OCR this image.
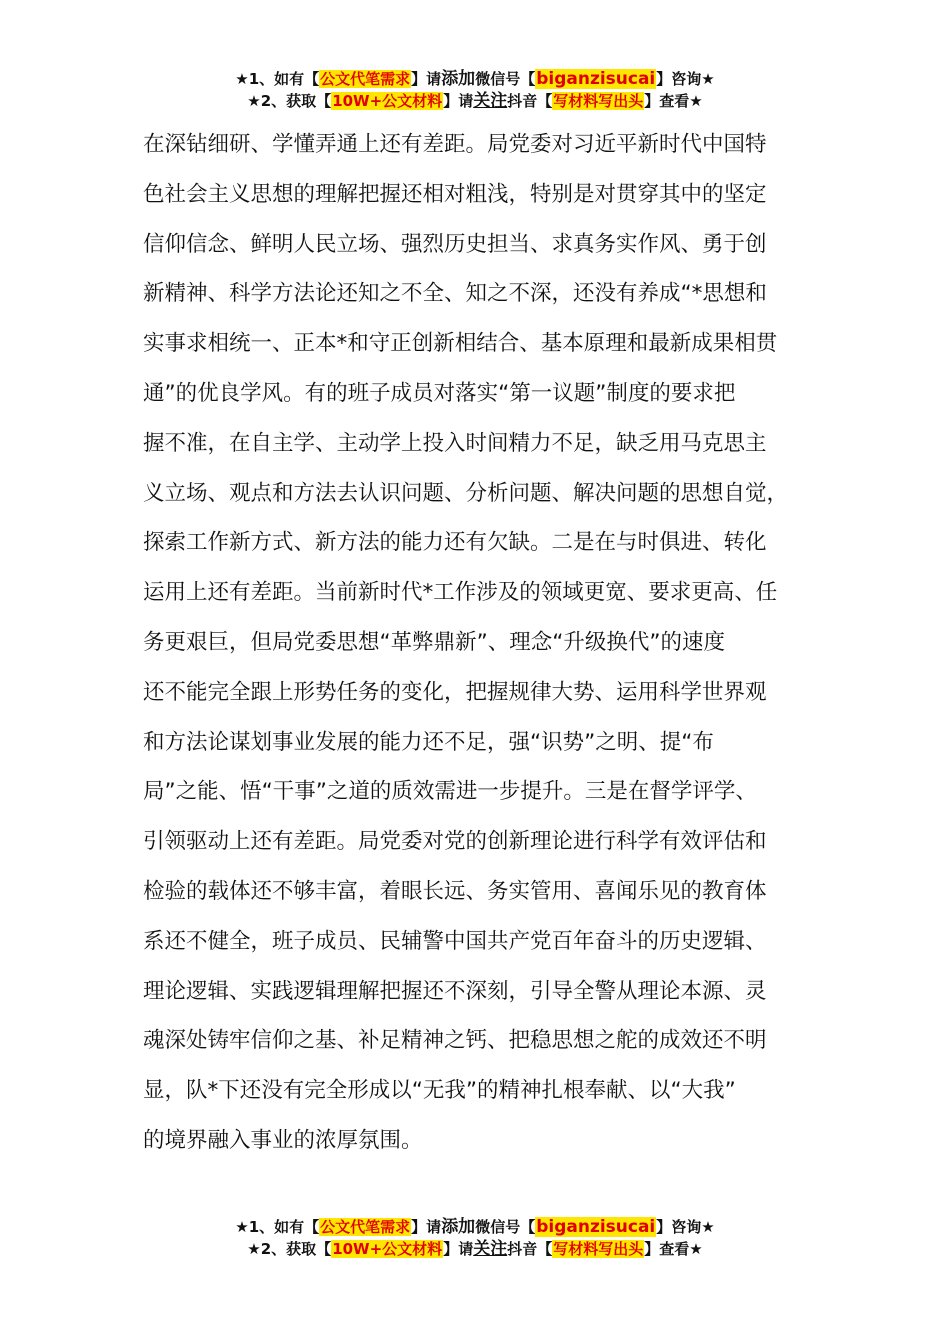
★1、如有【公文代笔需求】请添加微信号【biganzisucai】咨询★
★2、获取【10W+公文材料】请关注抖音【写材料写出头】查看★
在深钻细研、学懂弄通上还有差距。局党委对习近平新时代中国特
色社会主义思想的理解把握还相对粗浅，特别是对贯穿其中的坚定
信仰信念、鲜明人民立场、强烈历史担当、求真务实作风、勇于创
新精神、科学方法论还知之不全、知之不深，还没有养成“*思想和
实事求相统一、正本*和守正创新相结合、基本原理和最新成果相贯
通”的优良学风。有的班子成员对落实“第一议题”制度的要求把
握不准，在自主学、主动学上投入时间精力不足，缺乏用马克思主
义立场、观点和方法去认识问题、分析问题、解决问题的思想自觉，
探索工作新方式、新方法的能力还有欠缺。二是在与时俱进、转化
运用上还有差距。当前新时代*工作涉及的领域更宽、要求更高、任
务更艰巨，但局党委思想“革弊鼎新”、理念“升级换代”的速度
还不能完全跟上形势任务的变化，把握规律大势、运用科学世界观
和方法论谋划事业发展的能力还不足，强“识势”之明、提“布
局”之能、悟“干事”之道的质效需进一步提升。三是在督学评学、
引领驱动上还有差距。局党委对党的创新理论进行科学有效评估和
检验的载体还不够丰富，着眼长远、务实管用、喜闻乐见的教育体
系还不健全，班子成员、民辅警中国共产党百年奋斗的历史逻辑、
理论逻辑、实践逻辑理解把握还不深刻，引导全警从理论本源、灵
魂深处铸牢信仰之基、补足精神之钙、把稳思想之舵的成效还不明
显，队*下还没有完全形成以“无我”的精神扎根奉献、以“大我”
的境界融入事业的浓厚氛围。
★1、如有【公文代笔需求】请添加微信号【biganzisucai】咨询★
★2、获取【10W+公文材料】请关注抖音【写材料写出头】查看★
